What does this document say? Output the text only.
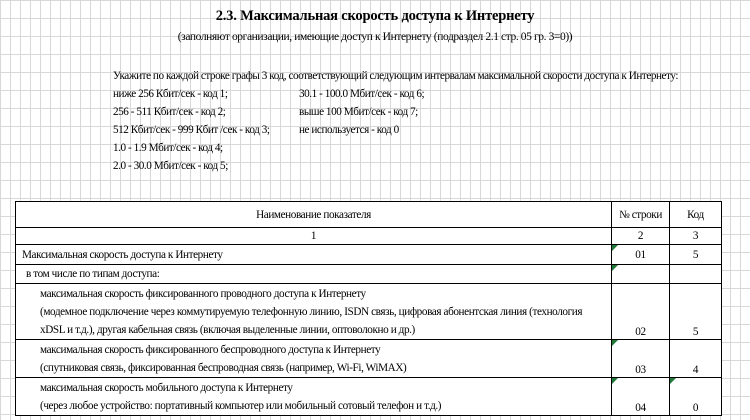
2.3. Максимальная скорость доступа к Интернету
(заполняют организации, имеющие доступ к Интернету (подраздел 2.1 стр. 05 гр. 3=0))
Укажите по каждой строке графы 3 код, соответствующий следующим интервалам максимальной скорости доступа к Интернету:
ниже 256 Кбит/сек - код 1;
256 - 511 Кбит/сек - код 2;
512 Кбит/сек - 999 Кбит /сек - код 3;
1.0 - 1.9 Мбит/сек - код 4;
2.0 - 30.0 Мбит/сек - код 5;
30.1 - 100.0 Мбит/сек - код 6;
выше 100 Мбит/сек - код 7;
не используется - код 0
Наименование показателя	№ строки	Код
1	2	3

Максимальная скорость доступа к Интернету	01	5

в том числе по типам доступа:		

максимальная скорость фиксированного проводного доступа к Интернету
(модемное подключение через коммутируемую телефонную линию, ISDN связь, цифровая абонентская линия (технология
xDSL и т.д.), другая кабельная связь (включая выделенные линии, оптоволокно и др.)	02	5

максимальная скорость фиксированного беспроводного доступа к Интернету
(спутниковая связь, фиксированная беспроводная связь (например, Wi-Fi, WiMAX)	03	4

максимальная скорость мобильного доступа к Интернету
(через любое устройство: портативный компьютер или мобильный сотовый телефон и т.д.)	04	0
